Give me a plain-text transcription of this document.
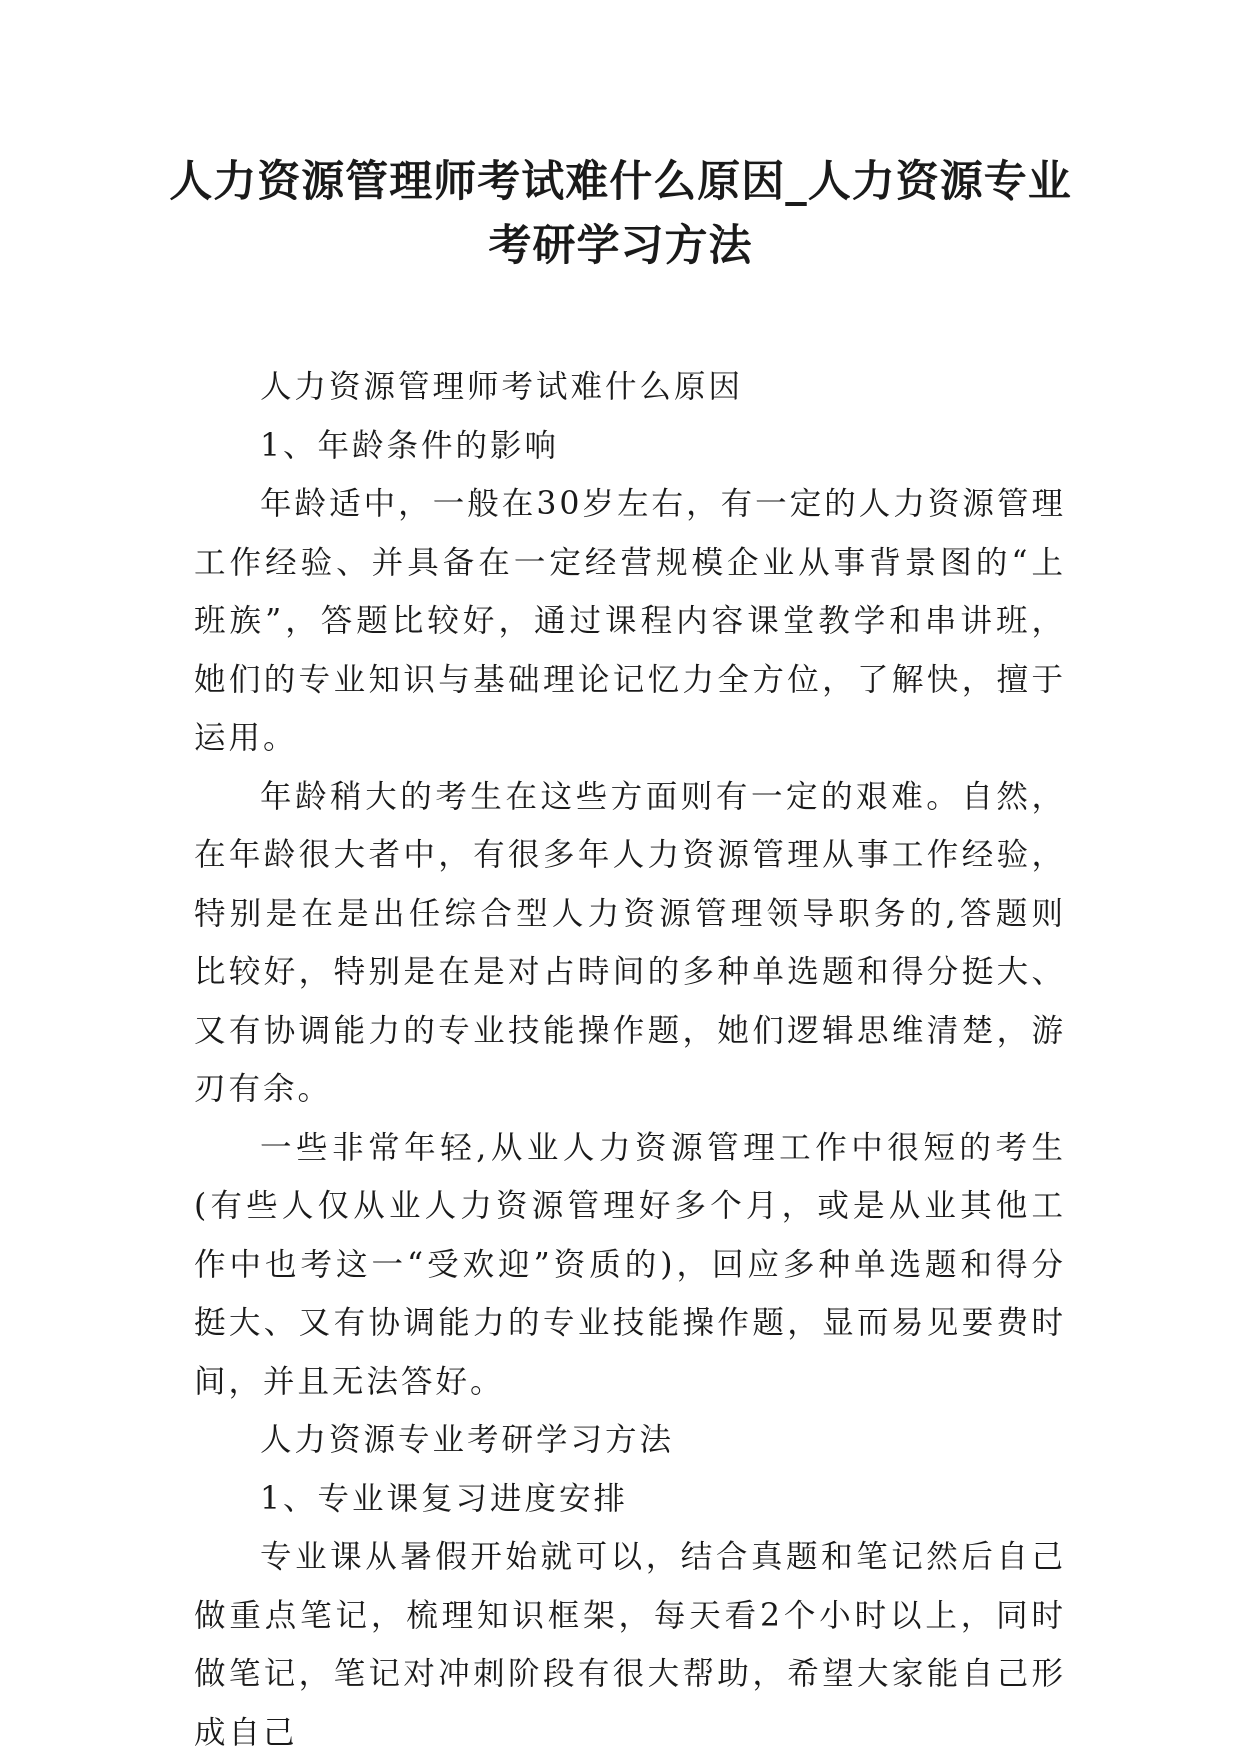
人力资源管理师考试难什么原因_人力资源专业考研学习方法

人力资源管理师考试难什么原因

1、年龄条件的影响

年龄适中，一般在30岁左右，有一定的人力资源管理工作经验、并具备在一定经营规模企业从事背景图的“上班族”，答题比较好，通过课程内容课堂教学和串讲班，她们的专业知识与基础理论记忆力全方位，了解快，擅于运用。

年龄稍大的考生在这些方面则有一定的艰难。自然，在年龄很大者中，有很多年人力资源管理从事工作经验，特别是在是出任综合型人力资源管理领导职务的,答题则比较好，特别是在是对占時间的多种单选题和得分挺大、又有协调能力的专业技能操作题，她们逻辑思维清楚，游刃有余。

一些非常年轻,从业人力资源管理工作中很短的考生(有些人仅从业人力资源管理好多个月，或是从业其他工作中也考这一“受欢迎”资质的)，回应多种单选题和得分挺大、又有协调能力的专业技能操作题，显而易见要费时间，并且无法答好。

人力资源专业考研学习方法

1、专业课复习进度安排

专业课从暑假开始就可以，结合真题和笔记然后自己做重点笔记，梳理知识框架，每天看2个小时以上，同时做笔记，笔记对冲刺阶段有很大帮助，希望大家能自己形成自己
